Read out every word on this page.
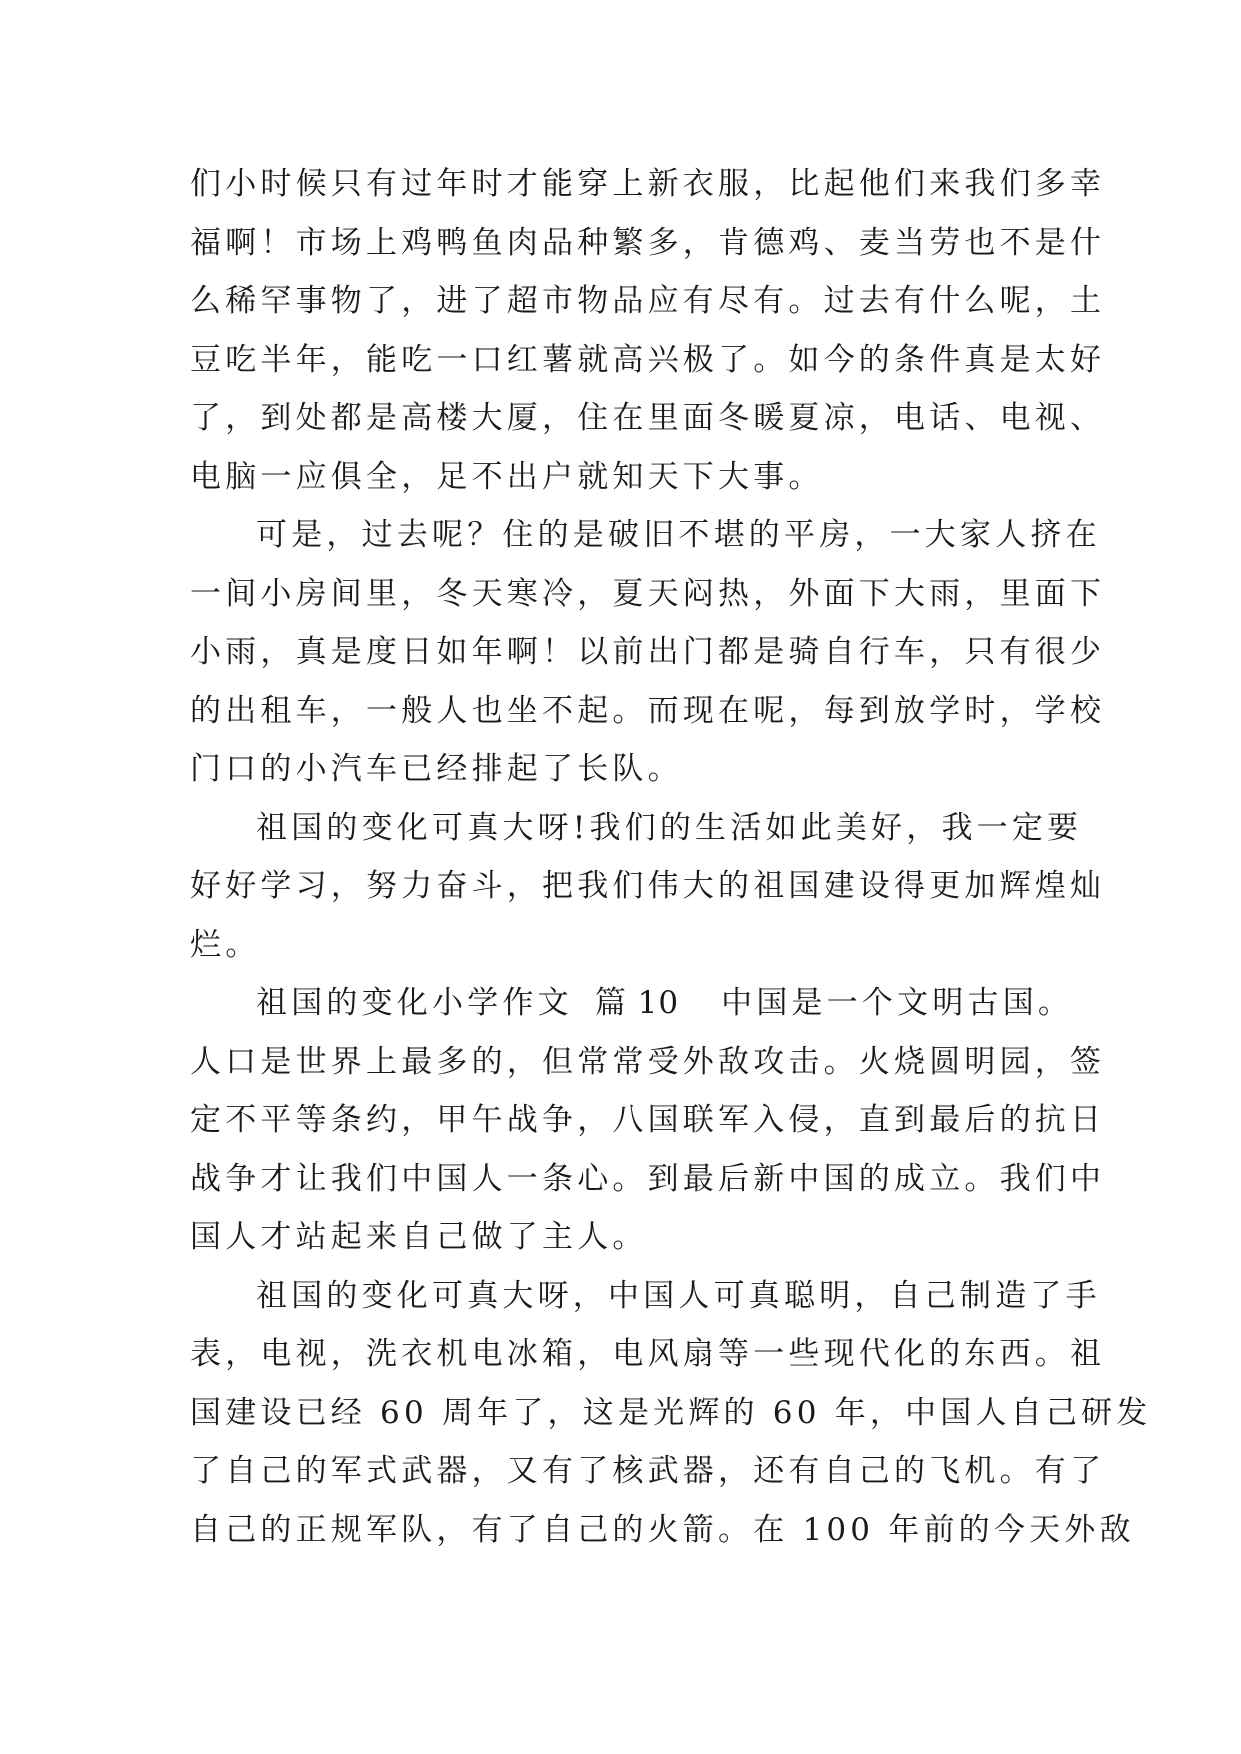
们小时候只有过年时才能穿上新衣服，比起他们来我们多幸
福啊！市场上鸡鸭鱼肉品种繁多，肯德鸡、麦当劳也不是什
么稀罕事物了，进了超市物品应有尽有。过去有什么呢，土
豆吃半年，能吃一口红薯就高兴极了。如今的条件真是太好
了，到处都是高楼大厦，住在里面冬暖夏凉，电话、电视、
电脑一应俱全，足不出户就知天下大事。
可是，过去呢？住的是破旧不堪的平房，一大家人挤在
一间小房间里，冬天寒冷，夏天闷热，外面下大雨，里面下
小雨，真是度日如年啊！以前出门都是骑自行车，只有很少
的出租车，一般人也坐不起。而现在呢，每到放学时，学校
门口的小汽车已经排起了长队。
祖国的变化可真大呀!我们的生活如此美好，我一定要
好好学习，努力奋斗，把我们伟大的祖国建设得更加辉煌灿
烂。
祖国的变化小学作文 篇 10 中国是一个文明古国。
人口是世界上最多的，但常常受外敌攻击。火烧圆明园，签
定不平等条约，甲午战争，八国联军入侵，直到最后的抗日
战争才让我们中国人一条心。到最后新中国的成立。我们中
国人才站起来自己做了主人。
祖国的变化可真大呀，中国人可真聪明，自己制造了手
表，电视，洗衣机电冰箱，电风扇等一些现代化的东西。祖
国建设已经 60 周年了，这是光辉的 60 年，中国人自己研发
了自己的军式武器，又有了核武器，还有自己的飞机。有了
自己的正规军队，有了自己的火箭。在 100 年前的今天外敌
